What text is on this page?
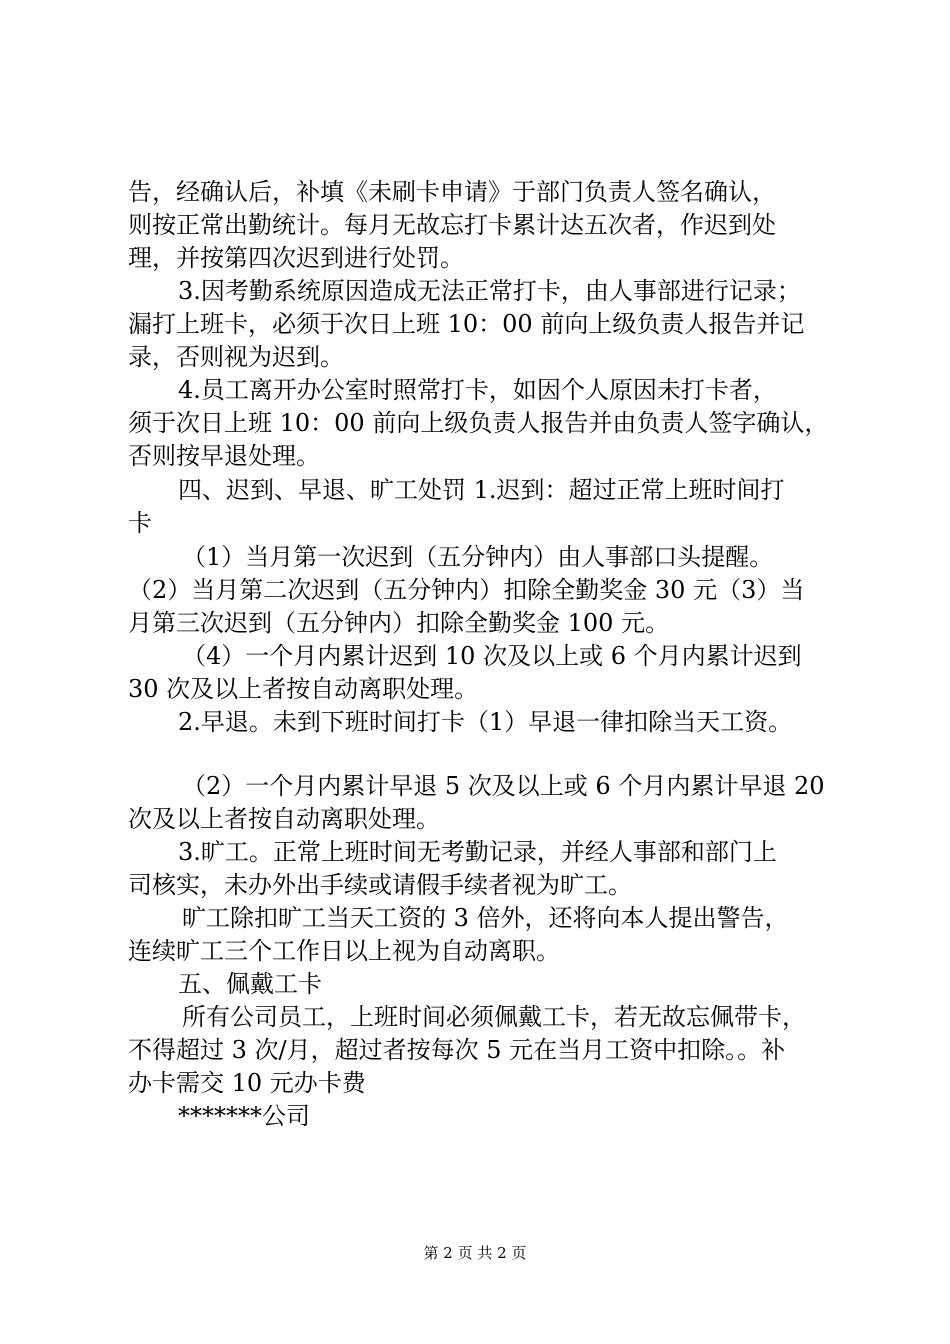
告，经确认后，补填《未刷卡申请》于部门负责人签名确认，
则按正常出勤统计。每月无故忘打卡累计达五次者，作迟到处
理，并按第四次迟到进行处罚。
3.因考勤系统原因造成无法正常打卡，由人事部进行记录；
漏打上班卡，必须于次日上班 10：00 前向上级负责人报告并记
录，否则视为迟到。
4.员工离开办公室时照常打卡，如因个人原因未打卡者，
须于次日上班 10：00 前向上级负责人报告并由负责人签字确认，
否则按早退处理。
四、迟到、早退、旷工处罚 1.迟到：超过正常上班时间打
卡
（1）当月第一次迟到（五分钟内）由人事部口头提醒。
（2）当月第二次迟到（五分钟内）扣除全勤奖金 30 元（3）当
月第三次迟到（五分钟内）扣除全勤奖金 100 元。
（4）一个月内累计迟到 10 次及以上或 6 个月内累计迟到
30 次及以上者按自动离职处理。
2.早退。未到下班时间打卡（1）早退一律扣除当天工资。
（2）一个月内累计早退 5 次及以上或 6 个月内累计早退 20
次及以上者按自动离职处理。
3.旷工。正常上班时间无考勤记录，并经人事部和部门上
司核实，未办外出手续或请假手续者视为旷工。
旷工除扣旷工当天工资的 3 倍外，还将向本人提出警告，
连续旷工三个工作日以上视为自动离职。
五、佩戴工卡
所有公司员工，上班时间必须佩戴工卡，若无故忘佩带卡，
不得超过 3 次/月，超过者按每次 5 元在当月工资中扣除。。补
办卡需交 10 元办卡费
*******公司
第 2 页 共 2 页
